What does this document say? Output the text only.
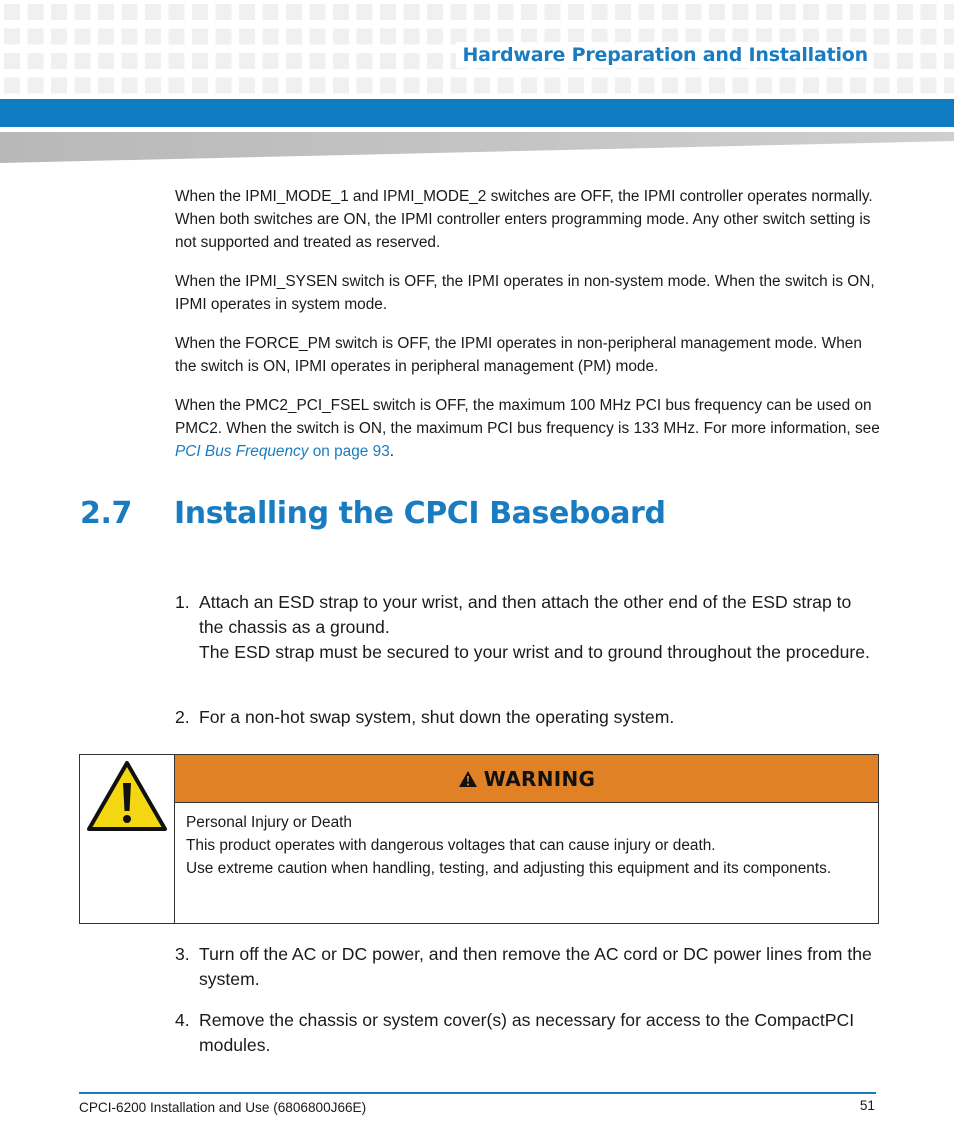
Hardware Preparation and Installation

When the IPMI_MODE_1 and IPMI_MODE_2 switches are OFF, the IPMI controller operates normally. When both switches are ON, the IPMI controller enters programming mode. Any other switch setting is not supported and treated as reserved.

When the IPMI_SYSEN switch is OFF, the IPMI operates in non-system mode. When the switch is ON, IPMI operates in system mode.

When the FORCE_PM switch is OFF, the IPMI operates in non-peripheral management mode. When the switch is ON, IPMI operates in peripheral management (PM) mode.

When the PMC2_PCI_FSEL switch is OFF, the maximum 100 MHz PCI bus frequency can be used on PMC2. When the switch is ON, the maximum PCI bus frequency is 133 MHz. For more information, see PCI Bus Frequency on page 93.

2.7 Installing the CPCI Baseboard
1. Attach an ESD strap to your wrist, and then attach the other end of the ESD strap to the chassis as a ground.
The ESD strap must be secured to your wrist and to ground throughout the procedure.
2. For a non-hot swap system, shut down the operating system.
WARNING
Personal Injury or Death
This product operates with dangerous voltages that can cause injury or death.
Use extreme caution when handling, testing, and adjusting this equipment and its components.
3. Turn off the AC or DC power, and then remove the AC cord or DC power lines from the system.
4. Remove the chassis or system cover(s) as necessary for access to the CompactPCI modules.
CPCI-6200 Installation and Use (6806800J66E)	51
